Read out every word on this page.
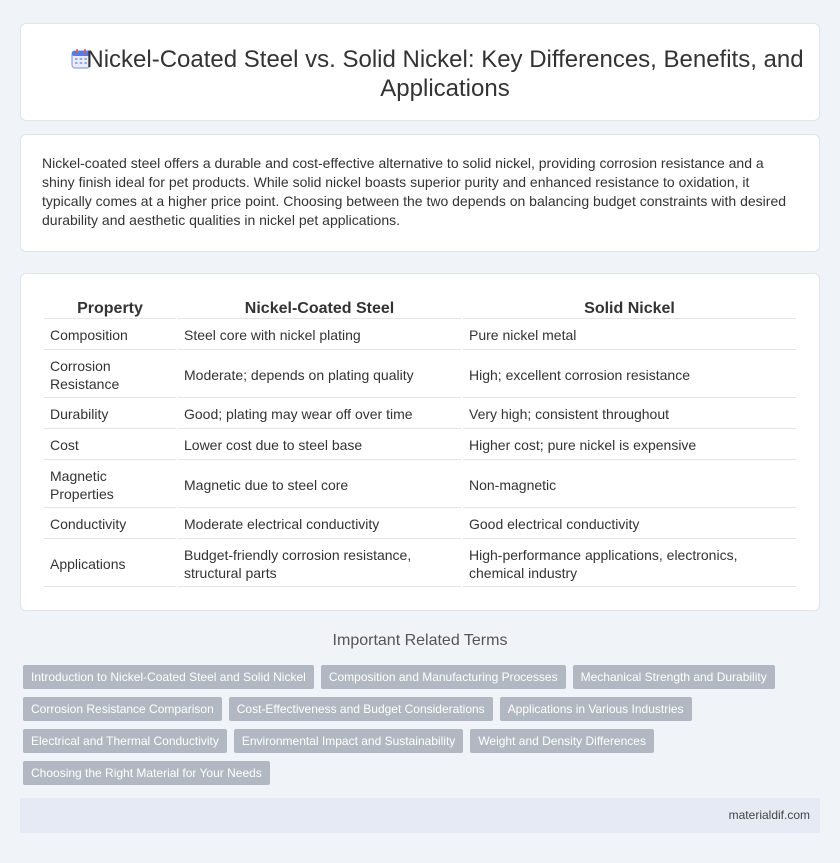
Nickel-Coated Steel vs. Solid Nickel: Key Differences, Benefits, and Applications

Nickel-coated steel offers a durable and cost-effective alternative to solid nickel, providing corrosion resistance and a shiny finish ideal for pet products. While solid nickel boasts superior purity and enhanced resistance to oxidation, it typically comes at a higher price point. Choosing between the two depends on balancing budget constraints with desired durability and aesthetic qualities in nickel pet applications.

Property	Nickel-Coated Steel	Solid Nickel
Composition	Steel core with nickel plating	Pure nickel metal
Corrosion Resistance	Moderate; depends on plating quality	High; excellent corrosion resistance
Durability	Good; plating may wear off over time	Very high; consistent throughout
Cost	Lower cost due to steel base	Higher cost; pure nickel is expensive
Magnetic Properties	Magnetic due to steel core	Non-magnetic
Conductivity	Moderate electrical conductivity	Good electrical conductivity
Applications	Budget-friendly corrosion resistance, structural parts	High-performance applications, electronics, chemical industry
Important Related Terms
Introduction to Nickel-Coated Steel and Solid Nickel	Composition and Manufacturing Processes	Mechanical Strength and Durability
Corrosion Resistance Comparison	Cost-Effectiveness and Budget Considerations	Applications in Various Industries
Electrical and Thermal Conductivity	Environmental Impact and Sustainability	Weight and Density Differences
Choosing the Right Material for Your Needs
materialdif.com
